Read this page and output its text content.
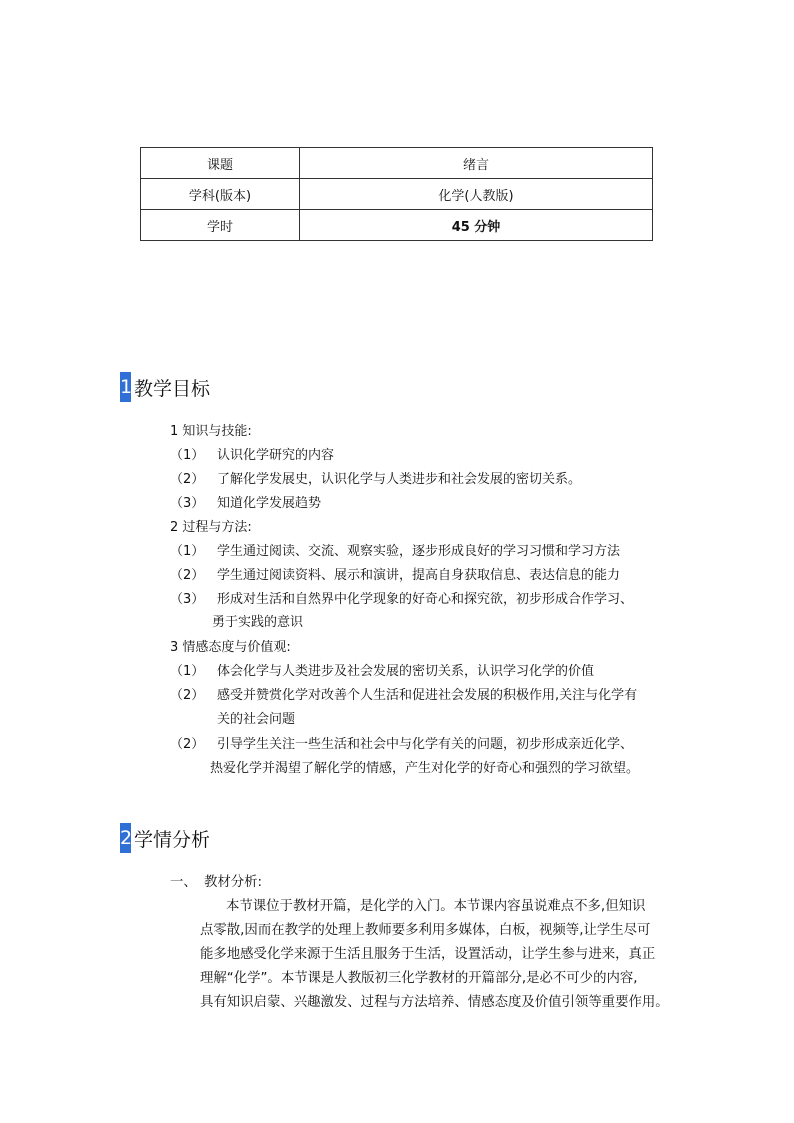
课题	绪言
学科(版本)	化学(人教版)
学时	45 分钟
1 教学目标
1 知识与技能:
（1） 认识化学研究的内容
（2） 了解化学发展史，认识化学与人类进步和社会发展的密切关系。
（3） 知道化学发展趋势
2 过程与方法:
（1） 学生通过阅读、交流、观察实验，逐步形成良好的学习习惯和学习方法
（2） 学生通过阅读资料、展示和演讲，提高自身获取信息、表达信息的能力
（3） 形成对生活和自然界中化学现象的好奇心和探究欲，初步形成合作学习、
勇于实践的意识
3 情感态度与价值观:
（1） 体会化学与人类进步及社会发展的密切关系，认识学习化学的价值
（2） 感受并赞赏化学对改善个人生活和促进社会发展的积极作用,关注与化学有
关的社会问题
（2） 引导学生关注一些生活和社会中与化学有关的问题，初步形成亲近化学、
热爱化学并渴望了解化学的情感，产生对化学的好奇心和强烈的学习欲望。
2 学情分析
一、 教材分析:
本节课位于教材开篇，是化学的入门。本节课内容虽说难点不多,但知识
点零散,因而在教学的处理上教师要多利用多媒体，白板，视频等,让学生尽可
能多地感受化学来源于生活且服务于生活，设置活动，让学生参与进来，真正
理解“化学”。本节课是人教版初三化学教材的开篇部分,是必不可少的内容,
具有知识启蒙、兴趣激发、过程与方法培养、情感态度及价值引领等重要作用。
